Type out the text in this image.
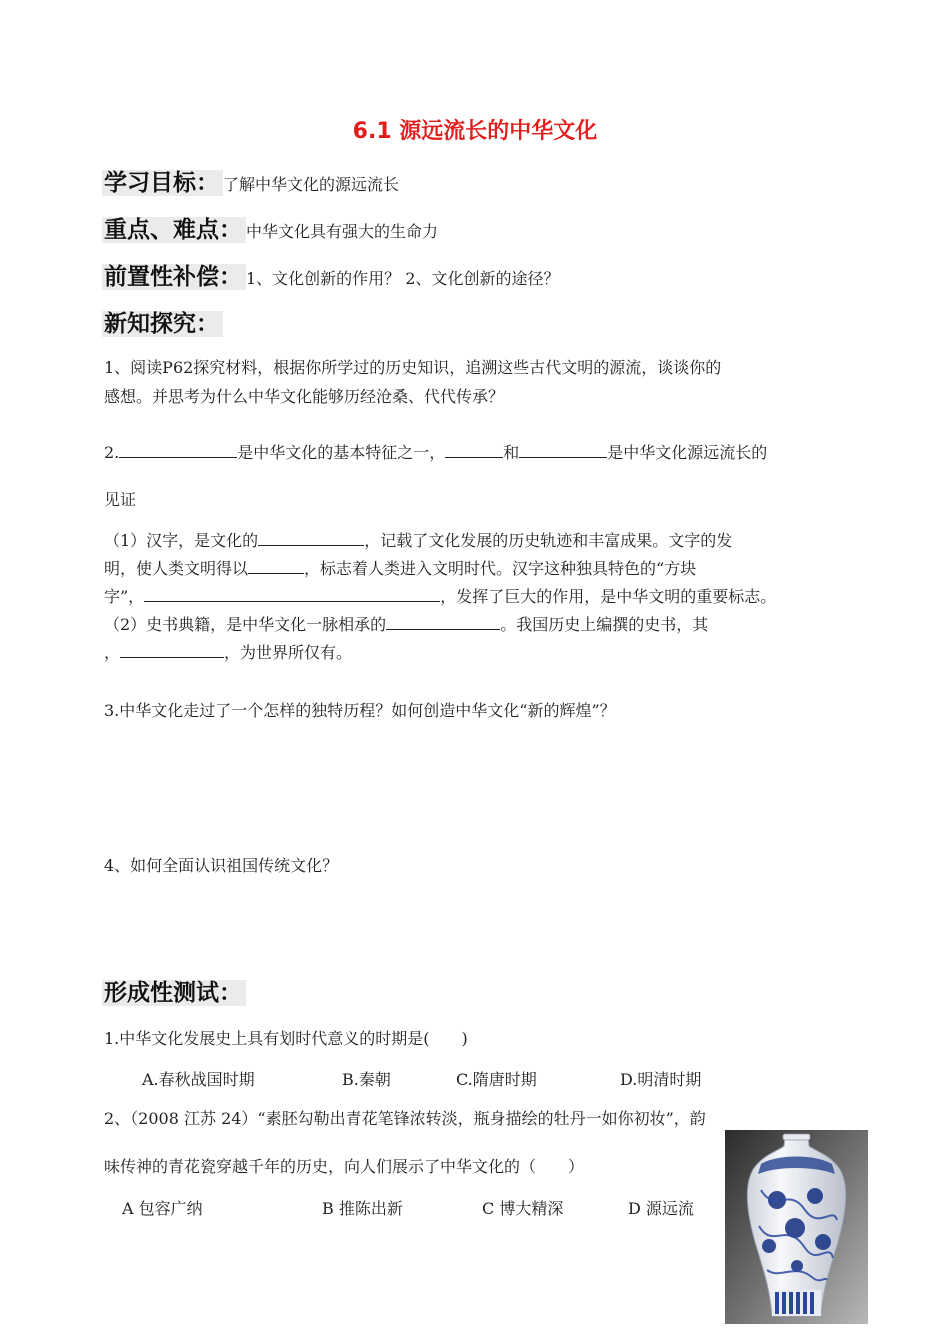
6.1 源远流长的中华文化
学习目标： 了解中华文化的源远流长
重点、难点： 中华文化具有强大的生命力
前置性补偿： 1、文化创新的作用？ 2、文化创新的途径？
新知探究：
1、阅读P62探究材料，根据你所学过的历史知识，追溯这些古代文明的源流，谈谈你的
感想。并思考为什么中华文化能够历经沧桑、代代传承？
2.	是中华文化的基本特征之一，	和	是中华文化源远流长的
见证
（1）汉字，是文化的	，记载了文化发展的历史轨迹和丰富成果。文字的发
明，使人类文明得以	，标志着人类进入文明时代。汉字这种独具特色的“方块
字”，	，发挥了巨大的作用，是中华文明的重要标志。
（2）史书典籍，是中华文化一脉相承的	。我国历史上编撰的史书，其
，	，为世界所仅有。
3.中华文化走过了一个怎样的独特历程？如何创造中华文化“新的辉煌”？
4、如何全面认识祖国传统文化？
形成性测试：
1.中华文化发展史上具有划时代意义的时期是(　　)
A.春秋战国时期	B.秦朝	C.隋唐时期	D.明清时期
2、（2008 江苏 24）“素胚勾勒出青花笔锋浓转淡，瓶身描绘的牡丹一如你初妆”，韵
味传神的青花瓷穿越千年的历史，向人们展示了中华文化的（　　）
A 包容广纳	B 推陈出新	C 博大精深	D 源远流
